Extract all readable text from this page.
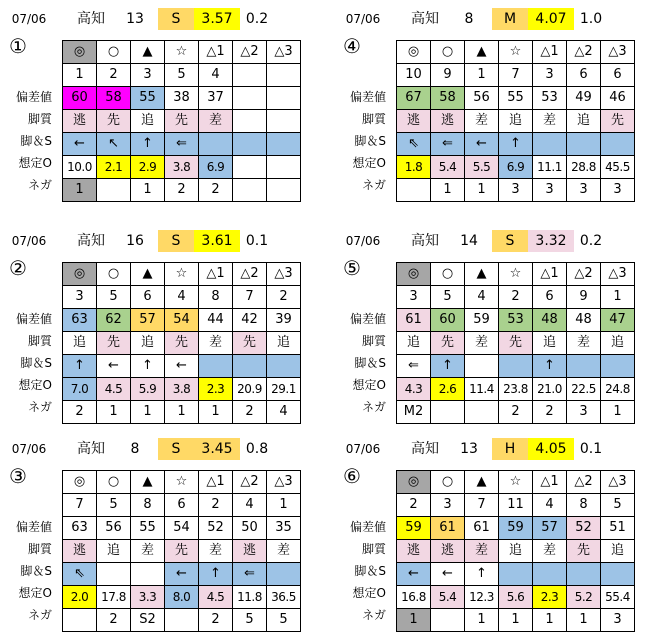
07/06	高知	13	S	3.57 0.2
①
偏差値
脚質
脚＆S
想定O
ネガ
◎	○	▲	☆	△1	△2	△3
1	2	3	5	4		
60	58	55	38	37		
逃	先	追	先	差		
←	↖	↑	⇐			
10.0	2.1	2.9	3.8	6.9		
1		1	2	2		
07/06	高知	8	M	4.07 1.0
④
偏差値
脚質
脚＆S
想定O
ネガ
◎	○	▲	☆	△1	△2	△3
10	9	1	7	3	6	6
67	58	56	55	53	49	46
逃	逃	差	追	差	追	先
⇖	⇐	←	↑			
1.8	5.4	5.5	6.9	11.1	28.8	45.5
	1	1	3	3	3	3
07/06	高知	16	S	3.61 0.1
②
偏差値
脚質
脚＆S
想定O
ネガ
◎	○	▲	☆	△1	△2	△3
3	5	6	4	8	7	2
63	62	57	54	44	42	39
追	先	追	先	差	先	追
↑	←	↑	←			
7.0	4.5	5.9	3.8	2.3	20.9	29.1
2	1	1	1	1	2	4
07/06	高知	14	S	3.32 0.2
⑤
偏差値
脚質
脚＆S
想定O
ネガ
◎	○	▲	☆	△1	△2	△3
3	5	4	2	6	9	1
61	60	59	53	48	48	47
追	先	差	先	追	差	追
⇐	↑			↑		
4.3	2.6	11.4	23.8	21.0	22.5	24.8
M2			2	2	3	1
07/06	高知	8	S	3.45 0.8
③
偏差値
脚質
脚＆S
想定O
ネガ
◎	○	▲	☆	△1	△2	△3
7	5	8	6	2	4	1
63	56	55	54	52	50	35
逃	追	差	先	差	逃	差
⇖			←	↑	⇐	
2.0	17.8	3.3	8.0	4.5	11.8	36.5
	2	S2		2	5	5
07/06	高知	13	H	4.05 0.1
⑥
偏差値
脚質
脚＆S
想定O
ネガ
◎	○	▲	☆	△1	△2	△3
2	3	7	11	4	8	5
59	61	61	59	57	52	51
逃	逃	差	追	差	先	追
←	←	↑				
16.8	5.4	12.3	5.6	2.3	5.2	55.4
1		1	1	1	1	3
